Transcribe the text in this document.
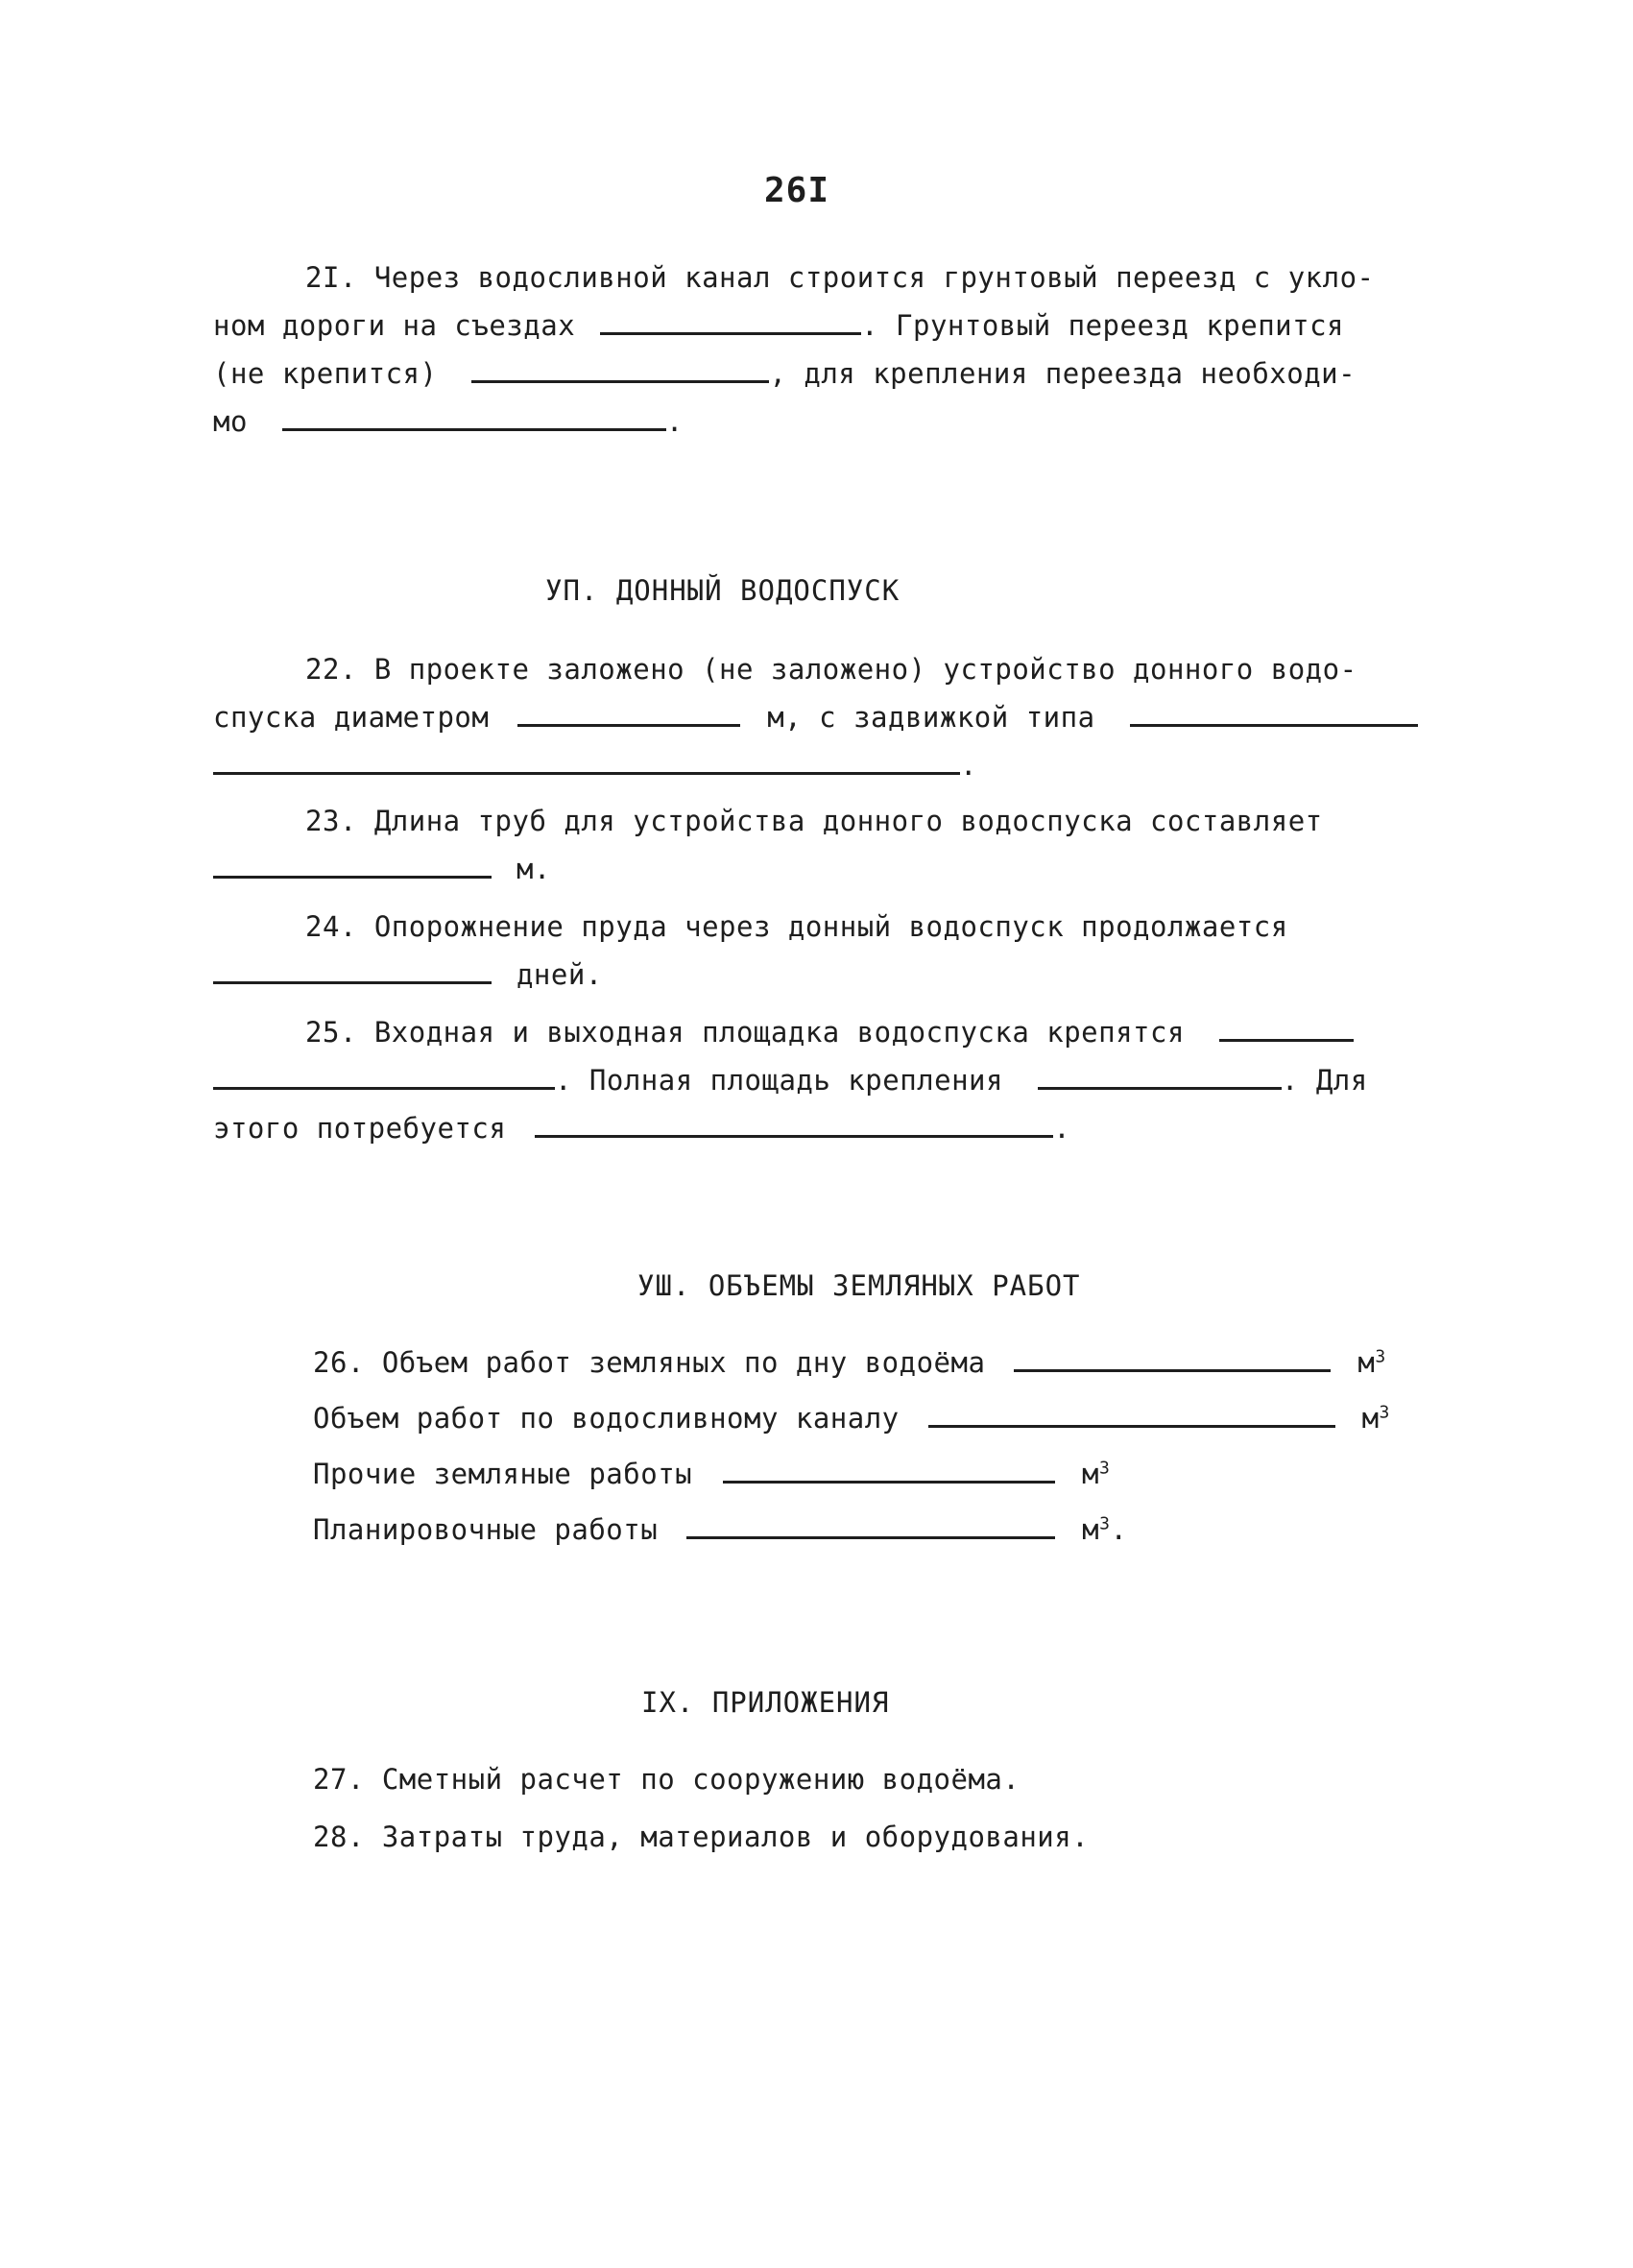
26I
2I. Через водосливной канал строится грунтовый переезд с укло-
ном дороги на съездах	. Грунтовый переезд крепится
(не крепится)	, для крепления переезда необходи-
мо	.
УП. ДОННЫЙ ВОДОСПУСК
22. В проекте заложено (не заложено) устройство донного водо-
спуска диаметром	м, с задвижкой типа
.
23. Длина труб для устройства донного водоспуска составляет
м.
24. Опорожнение пруда через донный водоспуск продолжается
дней.
25. Входная и выходная площадка водоспуска крепятся
. Полная площадь крепления	. Для
этого потребуется	.
УШ. ОБЪЕМЫ ЗЕМЛЯНЫХ РАБОТ
26. Объем работ земляных по дну водоёма	$м^3$
Объем работ по водосливному каналу	$м^3$
Прочие земляные работы	$м^3$
Планировочные работы	$м^3$.
IX. ПРИЛОЖЕНИЯ
27. Сметный расчет по сооружению водоёма.
28. Затраты труда, материалов и оборудования.
